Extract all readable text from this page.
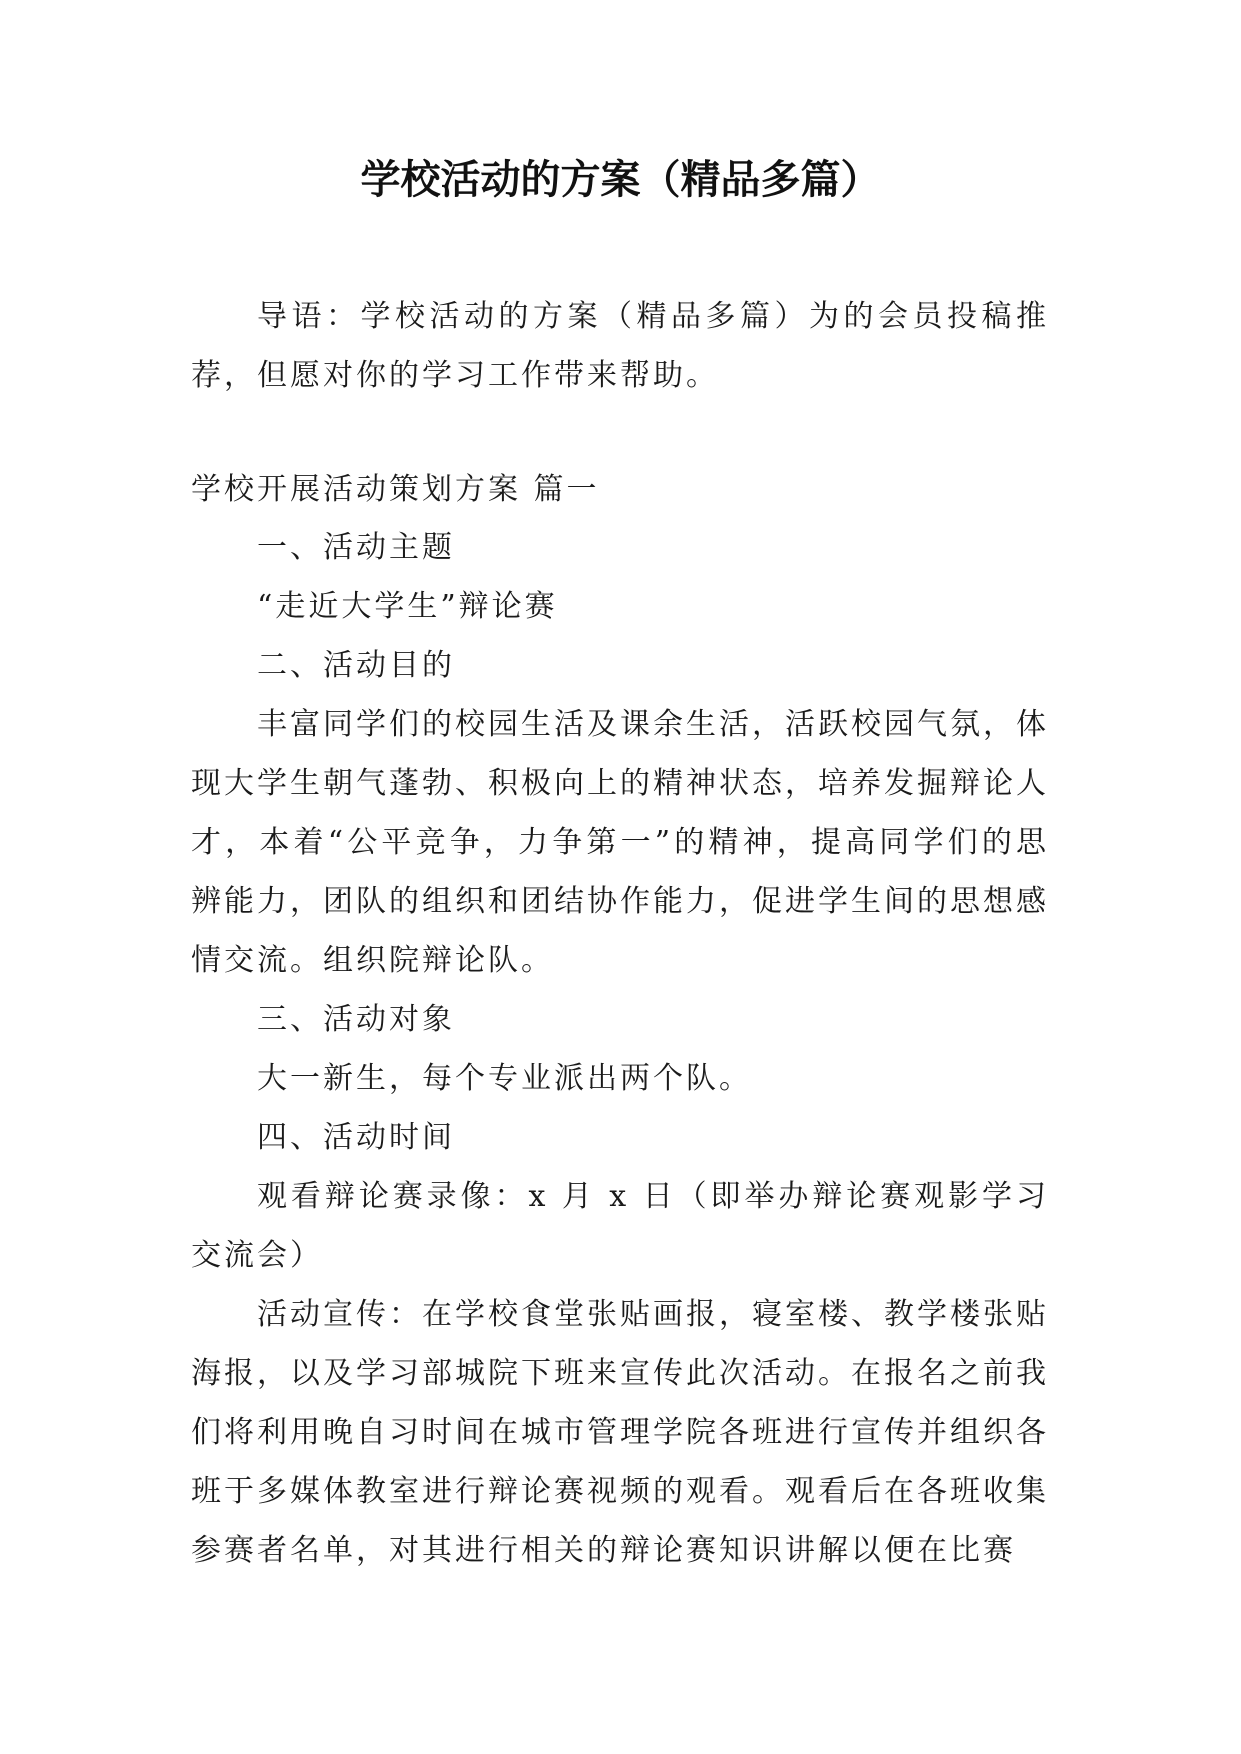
学校活动的方案（精品多篇）

导语：学校活动的方案（精品多篇）为的会员投稿推荐，但愿对你的学习工作带来帮助。

学校开展活动策划方案 篇一

一、活动主题

“走近大学生”辩论赛

二、活动目的

丰富同学们的校园生活及课余生活，活跃校园气氛，体现大学生朝气蓬勃、积极向上的精神状态，培养发掘辩论人才，本着“公平竞争，力争第一”的精神，提高同学们的思辨能力，团队的组织和团结协作能力，促进学生间的思想感情交流。组织院辩论队。

三、活动对象

大一新生，每个专业派出两个队。

四、活动时间

观看辩论赛录像：x 月 x 日（即举办辩论赛观影学习交流会）

活动宣传：在学校食堂张贴画报，寝室楼、教学楼张贴海报，以及学习部城院下班来宣传此次活动。在报名之前我们将利用晚自习时间在城市管理学院各班进行宣传并组织各班于多媒体教室进行辩论赛视频的观看。观看后在各班收集参赛者名单，对其进行相关的辩论赛知识讲解以便在比赛
